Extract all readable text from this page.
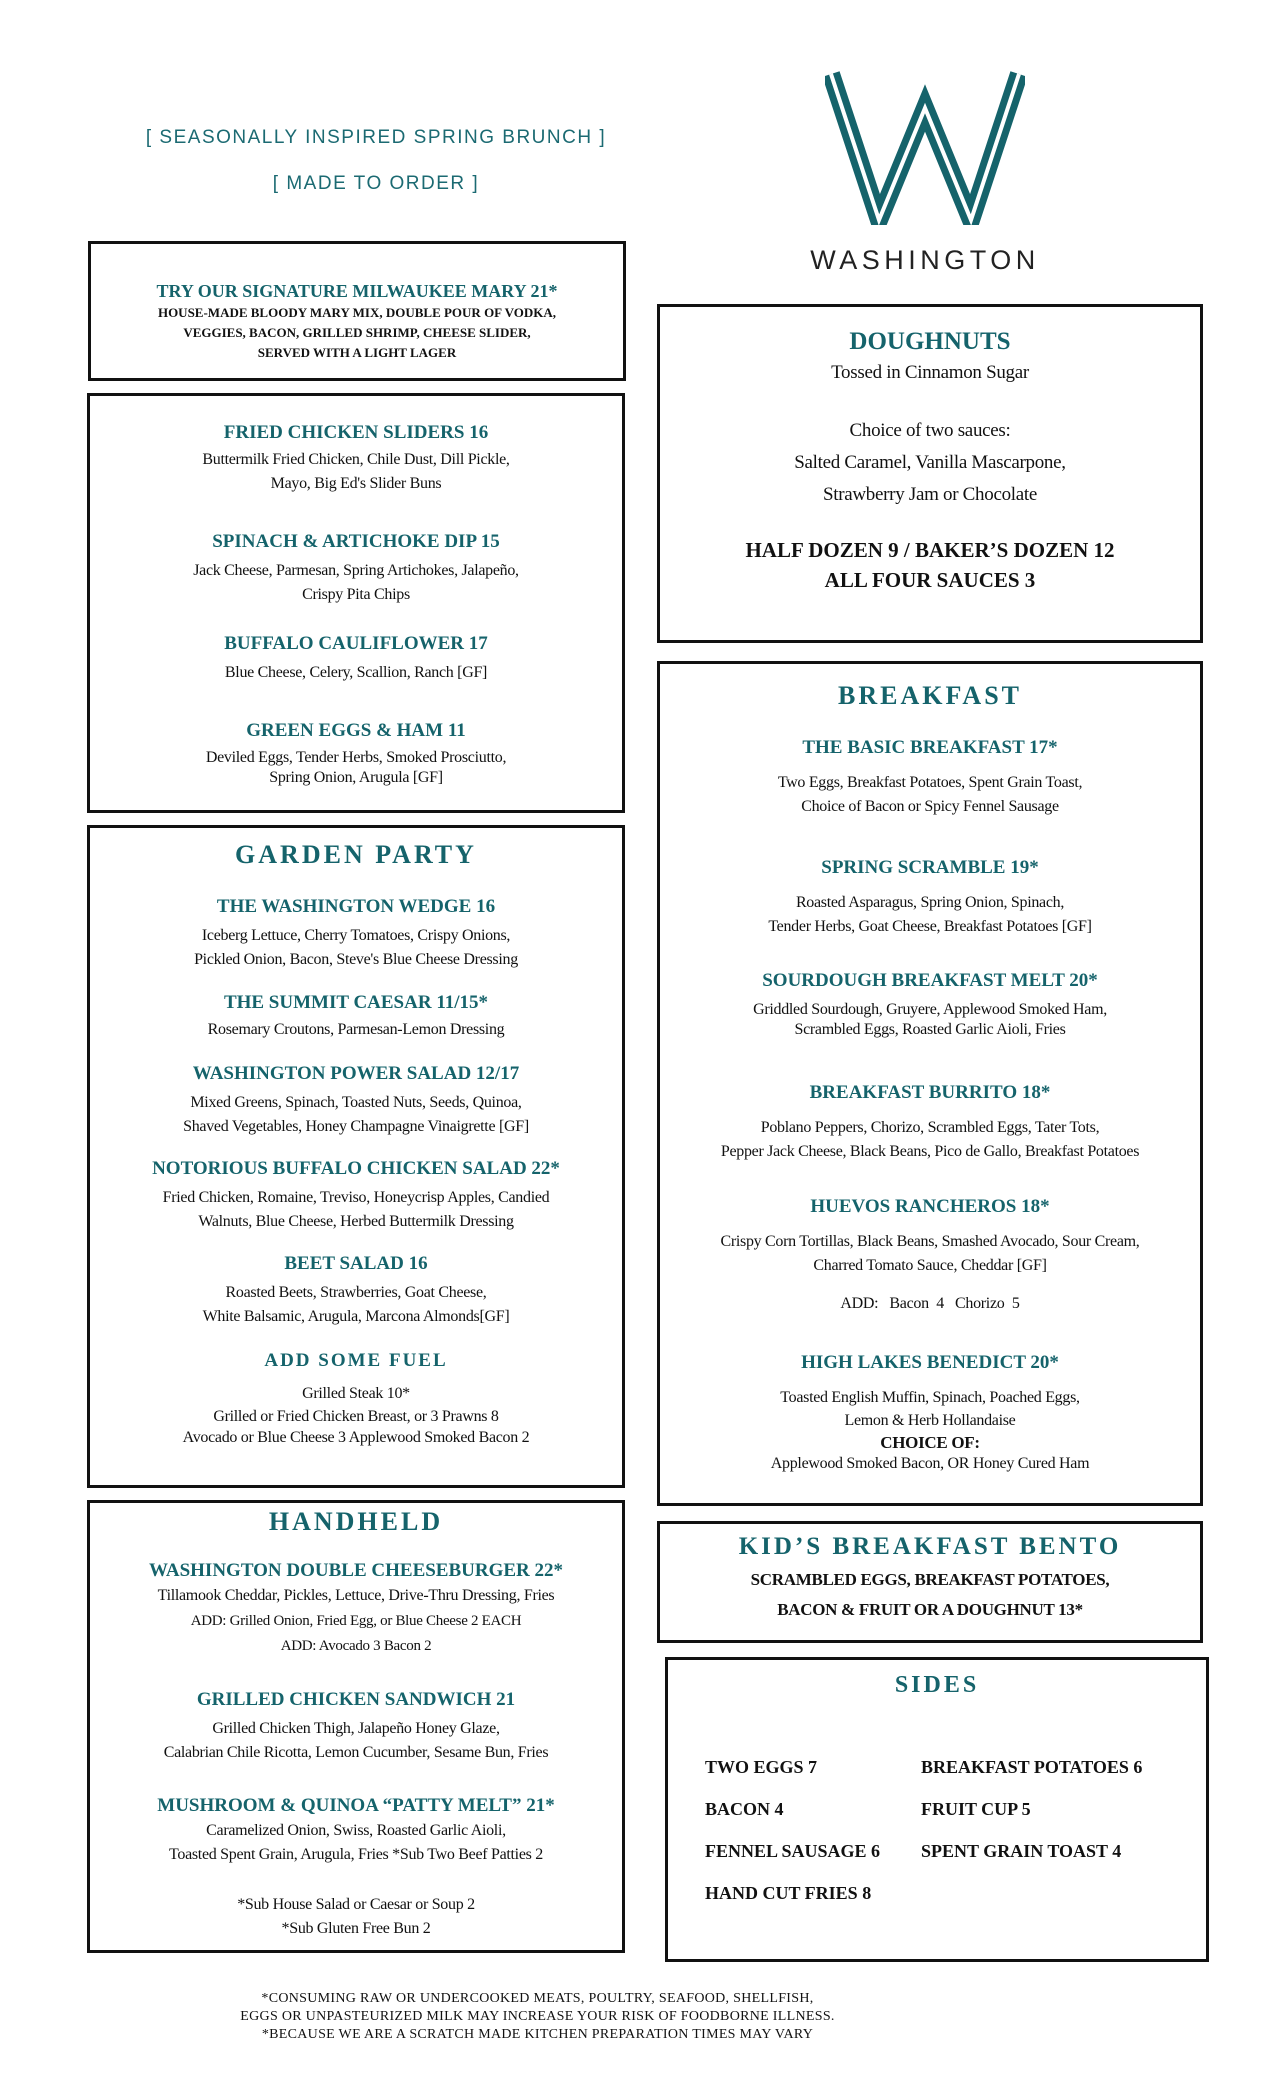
[ SEASONALLY INSPIRED SPRING BRUNCH ]
[ MADE TO ORDER ]
WASHINGTON
TRY OUR SIGNATURE MILWAUKEE MARY 21*
HOUSE-MADE BLOODY MARY MIX, DOUBLE POUR OF VODKA,
VEGGIES, BACON, GRILLED SHRIMP, CHEESE SLIDER,
SERVED WITH A LIGHT LAGER
FRIED CHICKEN SLIDERS 16
Buttermilk Fried Chicken, Chile Dust, Dill Pickle,
Mayo, Big Ed's Slider Buns
SPINACH & ARTICHOKE DIP 15
Jack Cheese, Parmesan, Spring Artichokes, Jalapeño,
Crispy Pita Chips
BUFFALO CAULIFLOWER 17
Blue Cheese, Celery, Scallion, Ranch [GF]
GREEN EGGS & HAM 11
Deviled Eggs, Tender Herbs, Smoked Prosciutto,
Spring Onion, Arugula [GF]
GARDEN PARTY
THE WASHINGTON WEDGE 16
Iceberg Lettuce, Cherry Tomatoes, Crispy Onions,
Pickled Onion, Bacon, Steve's Blue Cheese Dressing
THE SUMMIT CAESAR 11/15*
Rosemary Croutons, Parmesan-Lemon Dressing
WASHINGTON POWER SALAD 12/17
Mixed Greens, Spinach, Toasted Nuts, Seeds, Quinoa,
Shaved Vegetables, Honey Champagne Vinaigrette [GF]
NOTORIOUS BUFFALO CHICKEN SALAD 22*
Fried Chicken, Romaine, Treviso, Honeycrisp Apples, Candied
Walnuts, Blue Cheese, Herbed Buttermilk Dressing
BEET SALAD 16
Roasted Beets, Strawberries, Goat Cheese,
White Balsamic, Arugula, Marcona Almonds[GF]
ADD SOME FUEL
Grilled Steak 10*
Grilled or Fried Chicken Breast, or 3 Prawns 8
Avocado or Blue Cheese 3 Applewood Smoked Bacon 2
HANDHELD
WASHINGTON DOUBLE CHEESEBURGER 22*
Tillamook Cheddar, Pickles, Lettuce, Drive-Thru Dressing, Fries
ADD: Grilled Onion, Fried Egg, or Blue Cheese 2 EACH
ADD: Avocado 3 Bacon 2
GRILLED CHICKEN SANDWICH 21
Grilled Chicken Thigh, Jalapeño Honey Glaze,
Calabrian Chile Ricotta, Lemon Cucumber, Sesame Bun, Fries
MUSHROOM & QUINOA “PATTY MELT” 21*
Caramelized Onion, Swiss, Roasted Garlic Aioli,
Toasted Spent Grain, Arugula, Fries *Sub Two Beef Patties 2
*Sub House Salad or Caesar or Soup 2
*Sub Gluten Free Bun 2
DOUGHNUTS
Tossed in Cinnamon Sugar
Choice of two sauces:
Salted Caramel, Vanilla Mascarpone,
Strawberry Jam or Chocolate
HALF DOZEN 9 / BAKER’S DOZEN 12
ALL FOUR SAUCES 3
BREAKFAST
THE BASIC BREAKFAST 17*
Two Eggs, Breakfast Potatoes, Spent Grain Toast,
Choice of Bacon or Spicy Fennel Sausage
SPRING SCRAMBLE 19*
Roasted Asparagus, Spring Onion, Spinach,
Tender Herbs, Goat Cheese, Breakfast Potatoes [GF]
SOURDOUGH BREAKFAST MELT 20*
Griddled Sourdough, Gruyere, Applewood Smoked Ham,
Scrambled Eggs, Roasted Garlic Aioli, Fries
BREAKFAST BURRITO 18*
Poblano Peppers, Chorizo, Scrambled Eggs, Tater Tots,
Pepper Jack Cheese, Black Beans, Pico de Gallo, Breakfast Potatoes
HUEVOS RANCHEROS 18*
Crispy Corn Tortillas, Black Beans, Smashed Avocado, Sour Cream,
Charred Tomato Sauce, Cheddar [GF]
ADD:   Bacon  4   Chorizo  5
HIGH LAKES BENEDICT 20*
Toasted English Muffin, Spinach, Poached Eggs,
Lemon & Herb Hollandaise
CHOICE OF:
Applewood Smoked Bacon, OR Honey Cured Ham
KID’S BREAKFAST BENTO
SCRAMBLED EGGS, BREAKFAST POTATOES,
BACON & FRUIT OR A DOUGHNUT 13*
SIDES
TWO EGGS 7
BACON 4
FENNEL SAUSAGE 6
HAND CUT FRIES 8
BREAKFAST POTATOES 6
FRUIT CUP 5
SPENT GRAIN TOAST 4
*CONSUMING RAW OR UNDERCOOKED MEATS, POULTRY, SEAFOOD, SHELLFISH,
EGGS OR UNPASTEURIZED MILK MAY INCREASE YOUR RISK OF FOODBORNE ILLNESS.
*BECAUSE WE ARE A SCRATCH MADE KITCHEN PREPARATION TIMES MAY VARY
